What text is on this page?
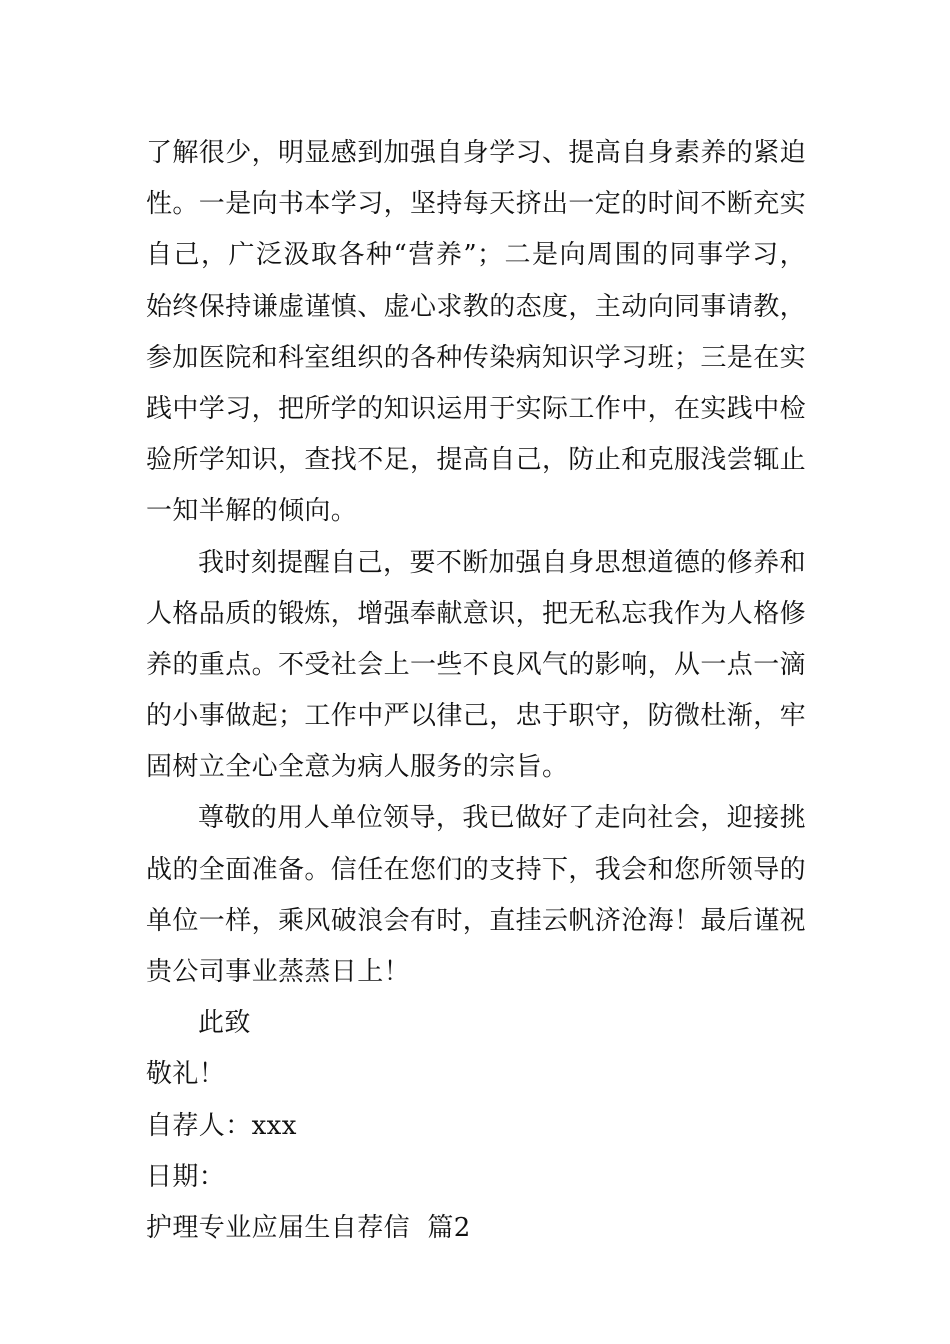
了解很少，明显感到加强自身学习、提高自身素养的紧迫
性。一是向书本学习，坚持每天挤出一定的时间不断充实
自己，广泛汲取各种“营养”；二是向周围的同事学习，
始终保持谦虚谨慎、虚心求教的态度，主动向同事请教，
参加医院和科室组织的各种传染病知识学习班；三是在实
践中学习，把所学的知识运用于实际工作中，在实践中检
验所学知识，查找不足，提高自己，防止和克服浅尝辄止
一知半解的倾向。
我时刻提醒自己，要不断加强自身思想道德的修养和
人格品质的锻炼，增强奉献意识，把无私忘我作为人格修
养的重点。不受社会上一些不良风气的影响，从一点一滴
的小事做起；工作中严以律己，忠于职守，防微杜渐，牢
固树立全心全意为病人服务的宗旨。
尊敬的用人单位领导，我已做好了走向社会，迎接挑
战的全面准备。信任在您们的支持下，我会和您所领导的
单位一样，乘风破浪会有时，直挂云帆济沧海！最后谨祝
贵公司事业蒸蒸日上！
此致
敬礼！
自荐人：xxx
日期：
护理专业应届生自荐信  篇2
